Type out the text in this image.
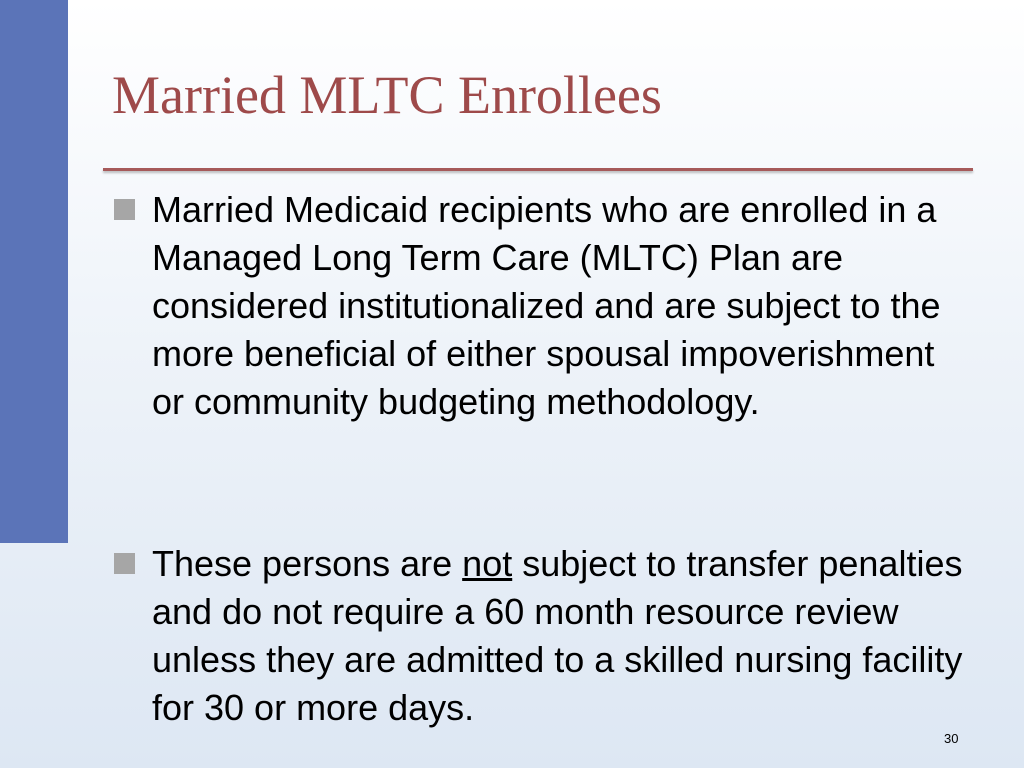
Married MLTC Enrollees
Married Medicaid recipients who are enrolled in a Managed Long Term Care (MLTC) Plan are considered institutionalized and are subject to the more beneficial of either spousal impoverishment or community budgeting methodology.
These persons are not subject to transfer penalties and do not require a 60 month resource review unless they are admitted to a skilled nursing facility for 30 or more days.
30
